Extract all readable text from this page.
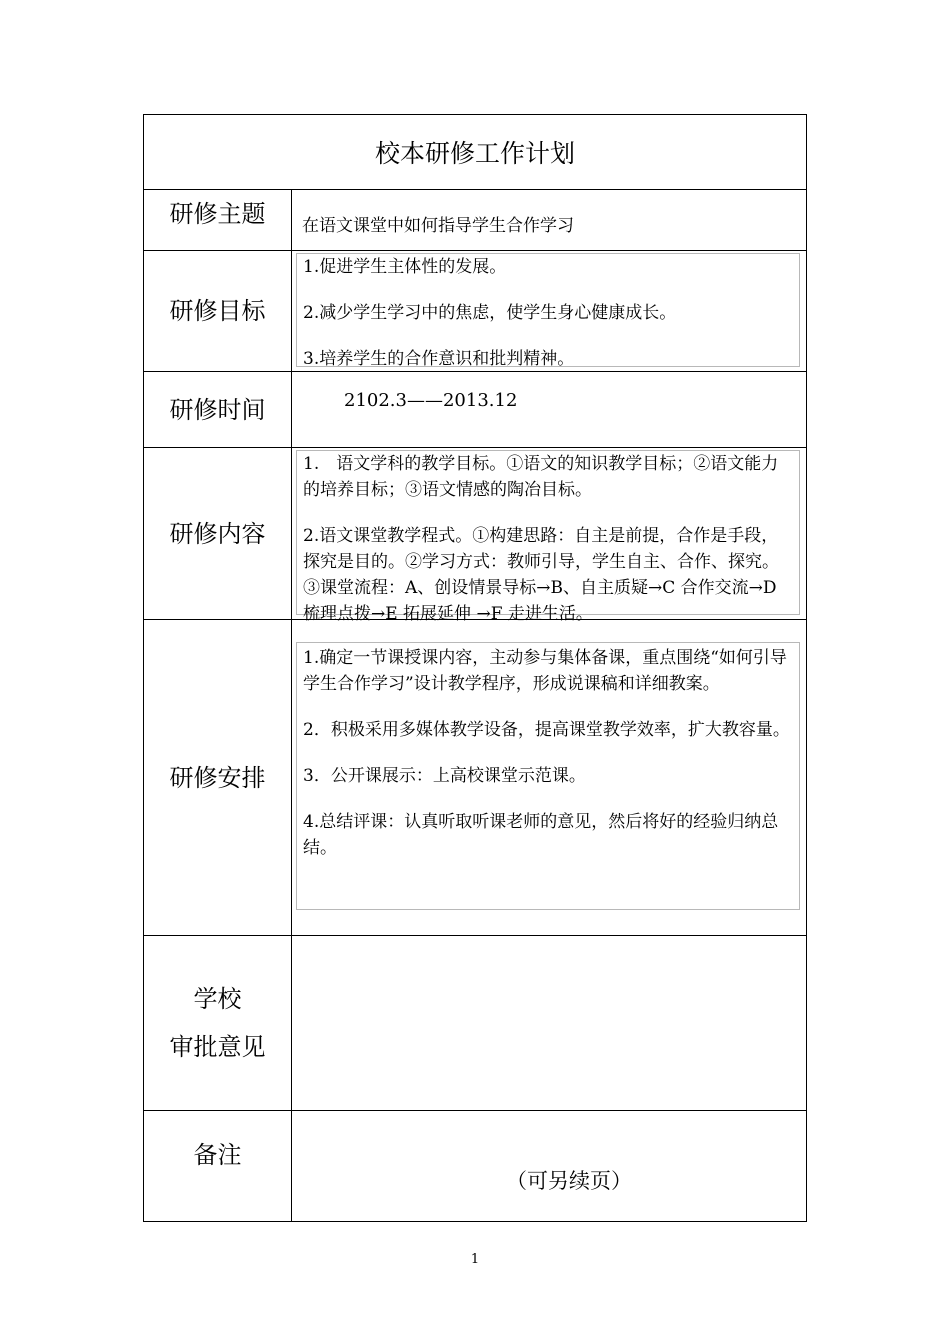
校本研修工作计划	
研修主题	在语文课堂中如何指导学生合作学习

研修目标	1.促进学生主体性的发展。

2.减少学生学习中的焦虑，使学生身心健康成长。

3.培养学生的合作意识和批判精神。

研修时间	2102.3——2013.12

研修内容	1.　语文学科的教学目标。①语文的知识教学目标；②语文能力的培养目标；③语文情感的陶冶目标。

2.语文课堂教学程式。①构建思路：自主是前提，合作是手段，探究是目的。②学习方式：教师引导，学生自主、合作、探究。③课堂流程：A、创设情景导标→B、自主质疑→C 合作交流→D 梳理点拨→E 拓展延伸 →F 走进生活。

研修安排	1.确定一节课授课内容，主动参与集体备课，重点围绕“如何引导学生合作学习”设计教学程序，形成说课稿和详细教案。

2．积极采用多媒体教学设备，提高课堂教学效率，扩大教容量。

3．公开课展示：上高校课堂示范课。

4.总结评课：认真听取听课老师的意见，然后将好的经验归纳总结。

学校
审批意见	

备注	（可另续页）
1
